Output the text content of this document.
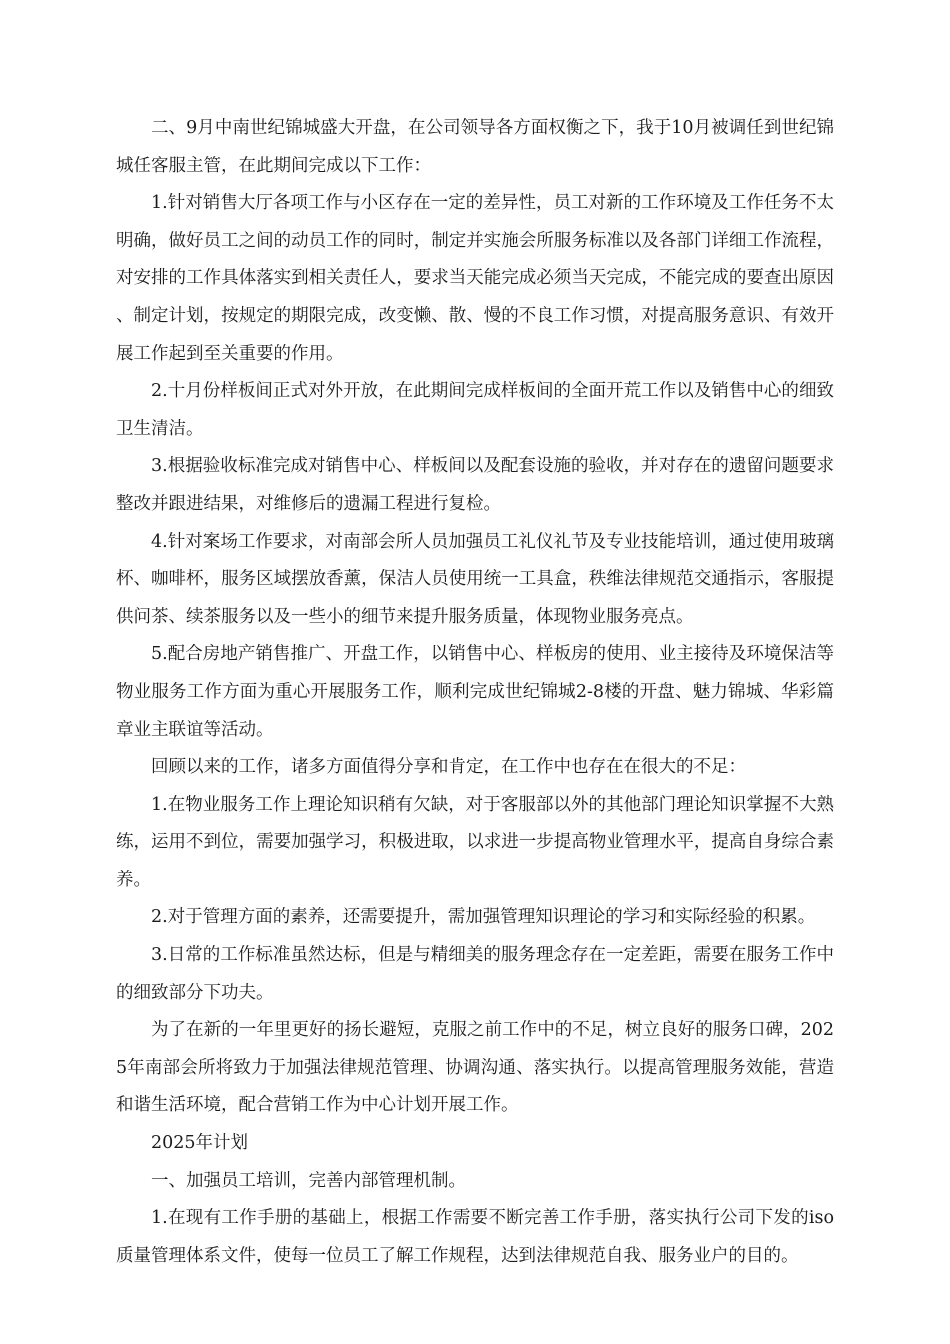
二、9月中南世纪锦城盛大开盘，在公司领导各方面权衡之下，我于10月被调任到世纪锦城任客服主管，在此期间完成以下工作：

1.针对销售大厅各项工作与小区存在一定的差异性，员工对新的工作环境及工作任务不太明确，做好员工之间的动员工作的同时，制定并实施会所服务标准以及各部门详细工作流程，对安排的工作具体落实到相关责任人，要求当天能完成必须当天完成，不能完成的要查出原因、制定计划，按规定的期限完成，改变懒、散、慢的不良工作习惯，对提高服务意识、有效开展工作起到至关重要的作用。

2.十月份样板间正式对外开放，在此期间完成样板间的全面开荒工作以及销售中心的细致卫生清洁。

3.根据验收标准完成对销售中心、样板间以及配套设施的验收，并对存在的遗留问题要求整改并跟进结果，对维修后的遗漏工程进行复检。

4.针对案场工作要求，对南部会所人员加强员工礼仪礼节及专业技能培训，通过使用玻璃杯、咖啡杯，服务区域摆放香薰，保洁人员使用统一工具盒，秩维法律规范交通指示，客服提供问茶、续茶服务以及一些小的细节来提升服务质量，体现物业服务亮点。

5.配合房地产销售推广、开盘工作，以销售中心、样板房的使用、业主接待及环境保洁等物业服务工作方面为重心开展服务工作，顺利完成世纪锦城2-8楼的开盘、魅力锦城、华彩篇章业主联谊等活动。

回顾以来的工作，诸多方面值得分享和肯定，在工作中也存在在很大的不足：

1.在物业服务工作上理论知识稍有欠缺，对于客服部以外的其他部门理论知识掌握不大熟练，运用不到位，需要加强学习，积极进取，以求进一步提高物业管理水平，提高自身综合素养。

2.对于管理方面的素养，还需要提升，需加强管理知识理论的学习和实际经验的积累。

3.日常的工作标准虽然达标，但是与精细美的服务理念存在一定差距，需要在服务工作中的细致部分下功夫。

为了在新的一年里更好的扬长避短，克服之前工作中的不足，树立良好的服务口碑，2025年南部会所将致力于加强法律规范管理、协调沟通、落实执行。以提高管理服务效能，营造和谐生活环境，配合营销工作为中心计划开展工作。

2025年计划

一、加强员工培训，完善内部管理机制。

1.在现有工作手册的基础上，根据工作需要不断完善工作手册，落实执行公司下发的iso质量管理体系文件，使每一位员工了解工作规程，达到法律规范自我、服务业户的目的。
